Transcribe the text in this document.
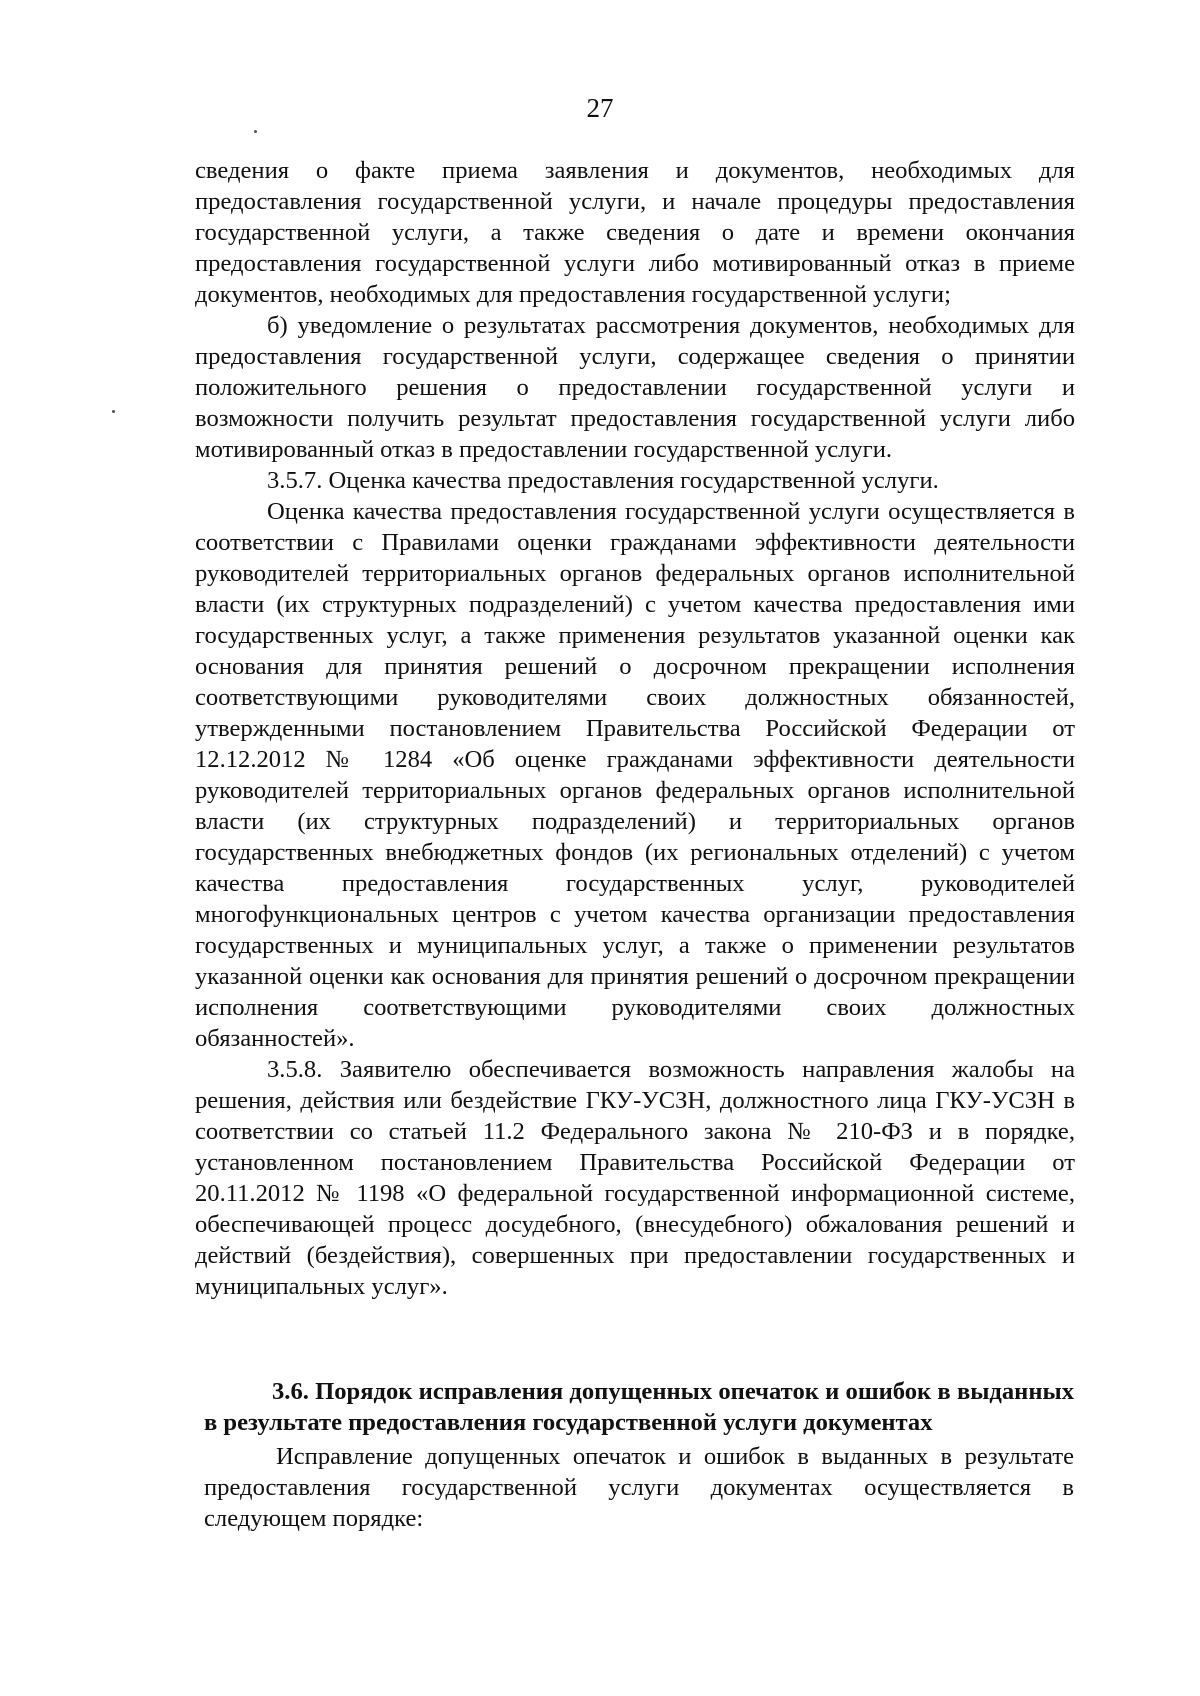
27

сведения о факте приема заявления и документов, необходимых для предоставления государственной услуги, и начале процедуры предоставления государственной услуги, а также сведения о дате и времени окончания предоставления государственной услуги либо мотивированный отказ в приеме документов, необходимых для предоставления государственной услуги;

б) уведомление о результатах рассмотрения документов, необходимых для предоставления государственной услуги, содержащее сведения о принятии положительного решения о предоставлении государственной услуги и возможности получить результат предоставления государственной услуги либо мотивированный отказ в предоставлении государственной услуги.

3.5.7. Оценка качества предоставления государственной услуги.

Оценка качества предоставления государственной услуги осуществляется в соответствии с Правилами оценки гражданами эффективности деятельности руководителей территориальных органов федеральных органов исполнительной власти (их структурных подразделений) с учетом качества предоставления ими государственных услуг, а также применения результатов указанной оценки как основания для принятия решений о досрочном прекращении исполнения соответствующими руководителями своих должностных обязанностей, утвержденными постановлением Правительства Российской Федерации от 12.12.2012 № 1284 «Об оценке гражданами эффективности деятельности руководителей территориальных органов федеральных органов исполнительной власти (их структурных подразделений) и территориальных органов государственных внебюджетных фондов (их региональных отделений) с учетом качества предоставления государственных услуг, руководителей многофункциональных центров с учетом качества организации предоставления государственных и муниципальных услуг, а также о применении результатов указанной оценки как основания для принятия решений о досрочном прекращении исполнения соответствующими руководителями своих должностных обязанностей».

3.5.8. Заявителю обеспечивается возможность направления жалобы на решения, действия или бездействие ГКУ-УСЗН, должностного лица ГКУ-УСЗН в соответствии со статьей 11.2 Федерального закона № 210-ФЗ и в порядке, установленном постановлением Правительства Российской Федерации от 20.11.2012 № 1198 «О федеральной государственной информационной системе, обеспечивающей процесс досудебного, (внесудебного) обжалования решений и действий (бездействия), совершенных при предоставлении государственных и муниципальных услуг».

3.6. Порядок исправления допущенных опечаток и ошибок в выданных в результате предоставления государственной услуги документах

Исправление допущенных опечаток и ошибок в выданных в результате предоставления государственной услуги документах осуществляется в следующем порядке:
